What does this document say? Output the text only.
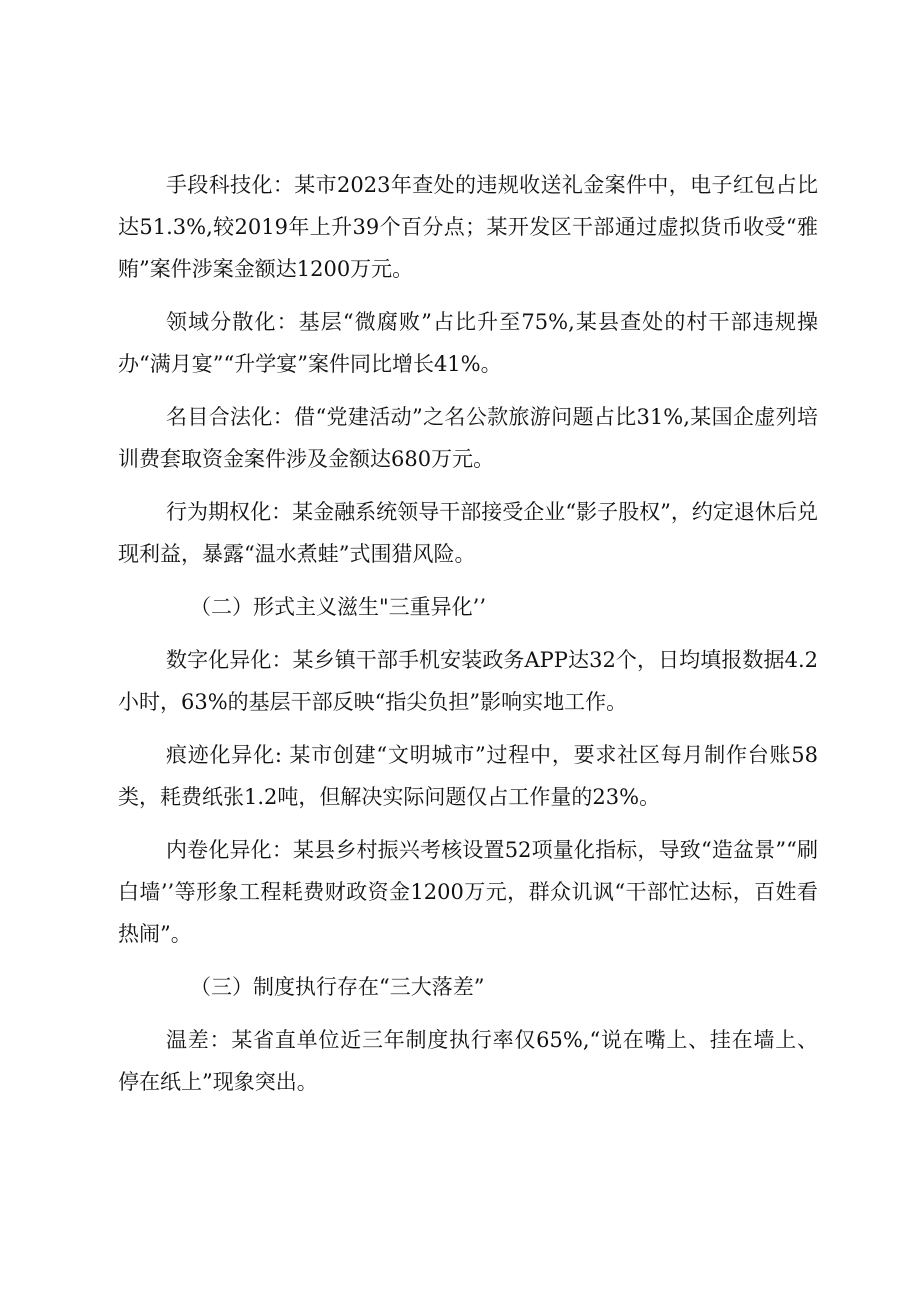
手段科技化：某市2023年查处的违规收送礼金案件中，电子红包占比达51.3%,较2019年上升39个百分点；某开发区干部通过虚拟货币收受“雅贿”案件涉案金额达1200万元。

领域分散化：基层“微腐败”占比升至75%,某县查处的村干部违规操办“满月宴”“升学宴”案件同比增长41%。

名目合法化：借“党建活动”之名公款旅游问题占比31%,某国企虚列培训费套取资金案件涉及金额达680万元。

行为期权化：某金融系统领导干部接受企业“影子股权”，约定退休后兑现利益，暴露“温水煮蛙”式围猎风险。

（二）形式主义滋生"三重异化’’

数字化异化：某乡镇干部手机安装政务APP达32个，日均填报数据4.2小时，63%的基层干部反映“指尖负担”影响实地工作。

痕迹化异化: 某市创建“文明城市”过程中，要求社区每月制作台账58类，耗费纸张1.2吨，但解决实际问题仅占工作量的23%。

内卷化异化：某县乡村振兴考核设置52项量化指标，导致“造盆景”“刷白墙’’等形象工程耗费财政资金1200万元，群众讥讽“干部忙达标，百姓看热闹”。

（三）制度执行存在“三大落差”

温差：某省直单位近三年制度执行率仅65%,“说在嘴上、挂在墙上、停在纸上”现象突出。
